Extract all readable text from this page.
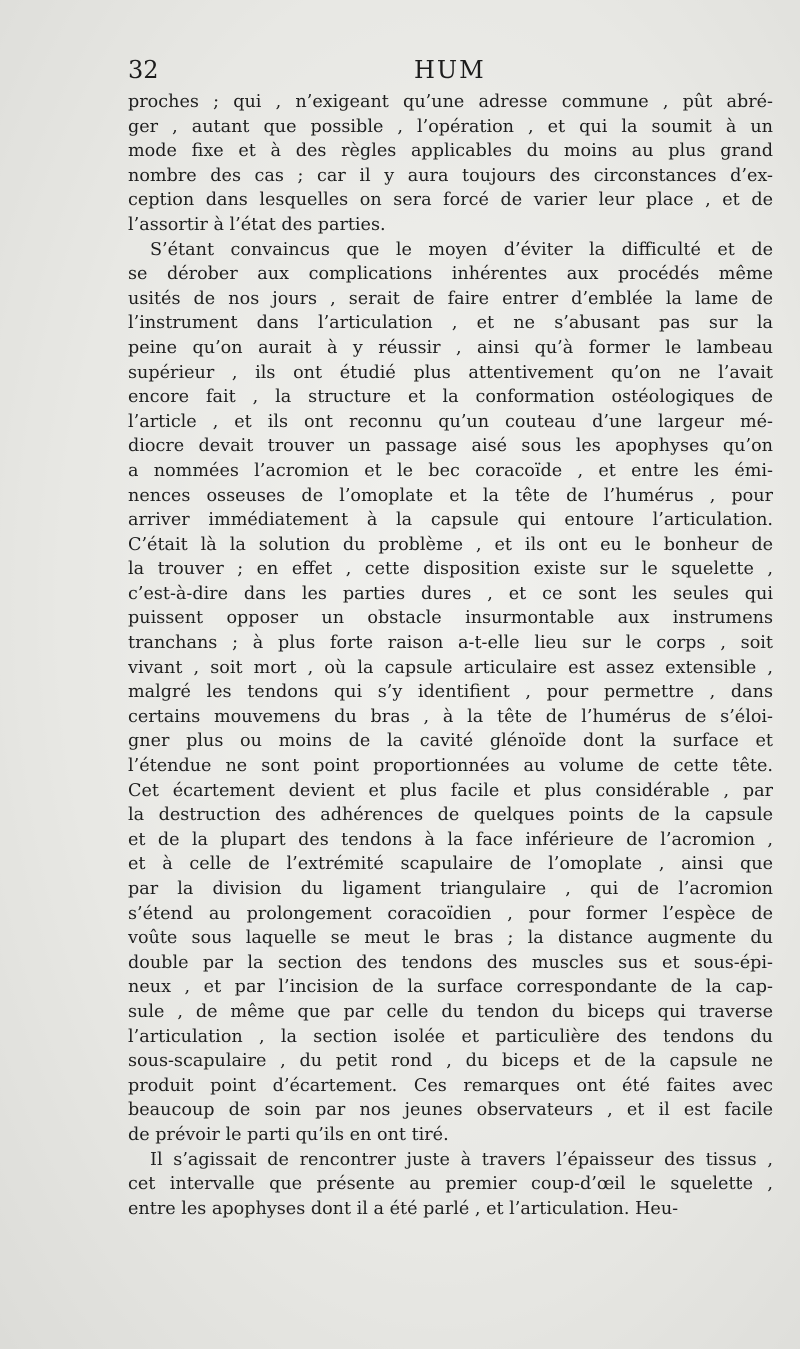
32	HUM
proches ; qui , n’exigeant qu’une adresse commune , pût abré-
ger , autant que possible , l’opération , et qui la soumit à un
mode fixe et à des règles applicables du moins au plus grand
nombre des cas ; car il y aura toujours des circonstances d’ex-
ception dans lesquelles on sera forcé de varier leur place , et de
l’assortir à l’état des parties.
S’étant convaincus que le moyen d’éviter la difficulté et de
se dérober aux complications inhérentes aux procédés même
usités de nos jours , serait de faire entrer d’emblée la lame de
l’instrument dans l’articulation , et ne s’abusant pas sur la
peine qu’on aurait à y réussir , ainsi qu’à former le lambeau
supérieur , ils ont étudié plus attentivement qu’on ne l’avait
encore fait , la structure et la conformation ostéologiques de
l’article , et ils ont reconnu qu’un couteau d’une largeur mé-
diocre devait trouver un passage aisé sous les apophyses qu’on
a nommées l’acromion et le bec coracoïde , et entre les émi-
nences osseuses de l’omoplate et la tête de l’humérus , pour
arriver immédiatement à la capsule qui entoure l’articulation.
C’était là la solution du problème , et ils ont eu le bonheur de
la trouver ; en effet , cette disposition existe sur le squelette ,
c’est-à-dire dans les parties dures , et ce sont les seules qui
puissent opposer un obstacle insurmontable aux instrumens
tranchans ; à plus forte raison a-t-elle lieu sur le corps , soit
vivant , soit mort , où la capsule articulaire est assez extensible ,
malgré les tendons qui s’y identifient , pour permettre , dans
certains mouvemens du bras , à la tête de l’humérus de s’éloi-
gner plus ou moins de la cavité glénoïde dont la surface et
l’étendue ne sont point proportionnées au volume de cette tête.
Cet écartement devient et plus facile et plus considérable , par
la destruction des adhérences de quelques points de la capsule
et de la plupart des tendons à la face inférieure de l’acromion ,
et à celle de l’extrémité scapulaire de l’omoplate , ainsi que
par la division du ligament triangulaire , qui de l’acromion
s’étend au prolongement coracoïdien , pour former l’espèce de
voûte sous laquelle se meut le bras ; la distance augmente du
double par la section des tendons des muscles sus et sous-épi-
neux , et par l’incision de la surface correspondante de la cap-
sule , de même que par celle du tendon du biceps qui traverse
l’articulation , la section isolée et particulière des tendons du
sous-scapulaire , du petit rond , du biceps et de la capsule ne
produit point d’écartement. Ces remarques ont été faites avec
beaucoup de soin par nos jeunes observateurs , et il est facile
de prévoir le parti qu’ils en ont tiré.
Il s’agissait de rencontrer juste à travers l’épaisseur des tissus ,
cet intervalle que présente au premier coup-d’œil le squelette ,
entre les apophyses dont il a été parlé , et l’articulation. Heu-
